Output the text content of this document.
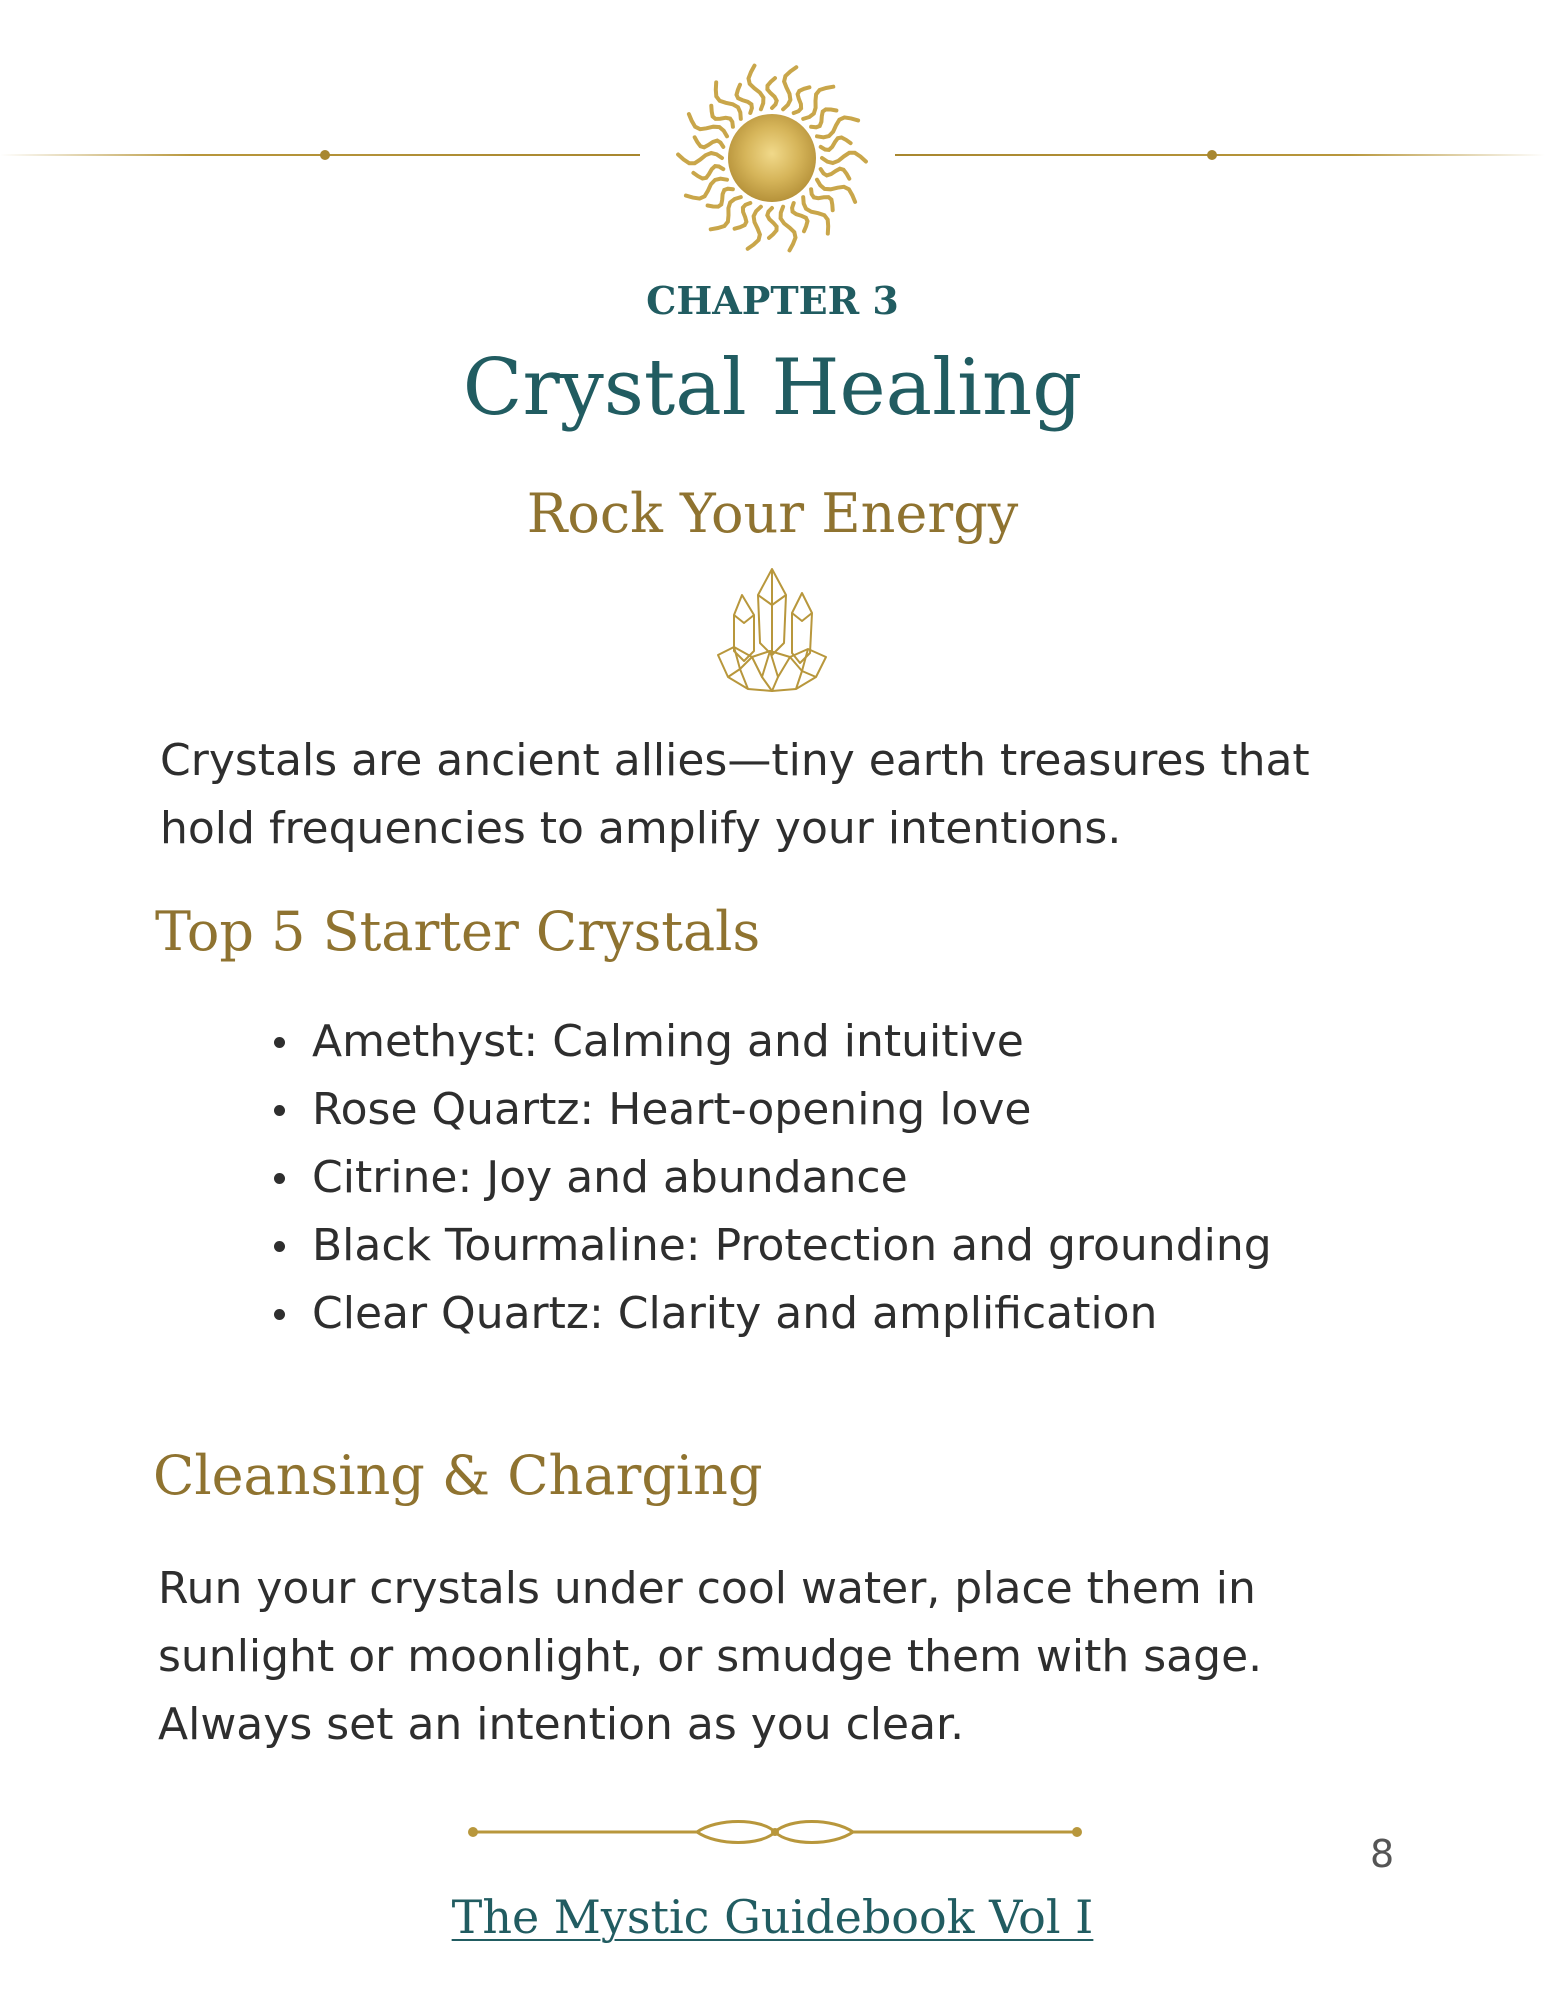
CHAPTER 3
Crystal Healing
Rock Your Energy
Crystals are ancient allies—tiny earth treasures that hold frequencies to amplify your intentions.
Top 5 Starter Crystals
Amethyst: Calming and intuitive
Rose Quartz: Heart-opening love
Citrine: Joy and abundance
Black Tourmaline: Protection and grounding
Clear Quartz: Clarity and amplification
Cleansing & Charging
Run your crystals under cool water, place them in sunlight or moonlight, or smudge them with sage. Always set an intention as you clear.
8
The Mystic Guidebook Vol I
